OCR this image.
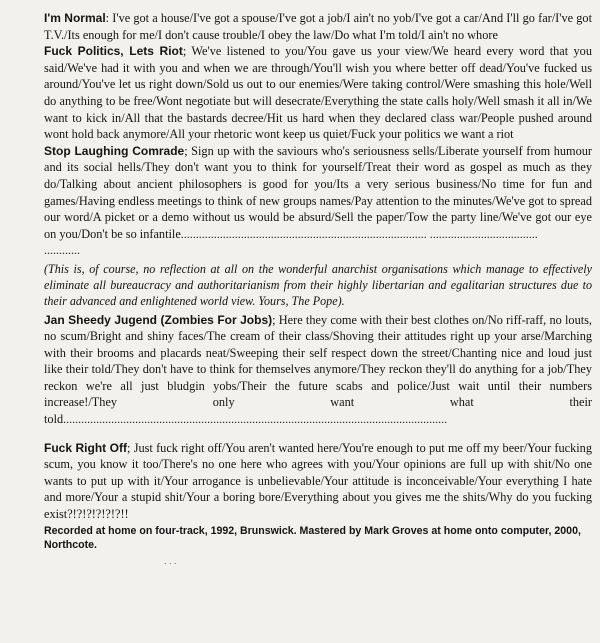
I'm Normal: I've got a house/I've got a spouse/I've got a job/I ain't no yob/I've got a car/And I'll go far/I've got T.V./Its enough for me/I don't cause trouble/I obey the law/Do what I'm told/I ain't no whore

Fuck Politics, Lets Riot; We've listened to you/You gave us your view/We heard every word that you said/We've had it with you and when we are through/You'll wish you where better off dead/You've fucked us around/You've let us right down/Sold us out to our enemies/Were taking control/Were smashing this hole/Well do anything to be free/Wont negotiate but will desecrate/Everything the state calls holy/Well smash it all in/We want to kick in/All that the bastards decree/Hit us hard when they declared class war/People pushed around wont hold back anymore/All your rhetoric wont keep us quiet/Fuck your politics we want a riot

Stop Laughing Comrade; Sign up with the saviours who's seriousness sells/Liberate yourself from humour and its social hells/They don't want you to think for yourself/Treat their word as gospel as much as they do/Talking about ancient philosophers is good for you/Its a very serious business/No time for fun and games/Having endless meetings to think of new groups names/Pay attention to the minutes/We've got to spread our word/A picket or a demo without us would be absurd/Sell the paper/Tow the party line/We've got our eye on you/Don't be so infantile.................................................................................. ....................................
............

(This is, of course, no reflection at all on the wonderful anarchist organisations which manage to effectively eliminate all bureaucracy and authoritarianism from their highly libertarian and egalitarian structures due to their advanced and enlightened world view. Yours, The Pope).

Jan Sheedy Jugend (Zombies For Jobs); Here they come with their best clothes on/No riff-raff, no louts, no scum/Bright and shiny faces/The cream of their class/Shoving their attitudes right up your arse/Marching with their brooms and placards neat/Sweeping their self respect down the street/Chanting nice and loud just like their told/They don't have to think for themselves anymore/They reckon they'll do anything for a job/They reckon we're all just bludgin yobs/Their the future scabs and police/Just wait until their numbers increase!/They only want what their told................................................................................................................................

Fuck Right Off; Just fuck right off/You aren't wanted here/You're enough to put me off my beer/Your fucking scum, you know it too/There's no one here who agrees with you/Your opinions are full up with shit/No one wants to put up with it/Your arrogance is unbelievable/Your attitude is inconceivable/Your everything I hate and more/Your a stupid shit/Your a boring bore/Everything about you gives me the shits/Why do you fucking exist?!?!?!?!?!?!!

Recorded at home on four-track, 1992, Brunswick. Mastered by Mark Groves at home onto computer, 2000, Northcote.

. . .
